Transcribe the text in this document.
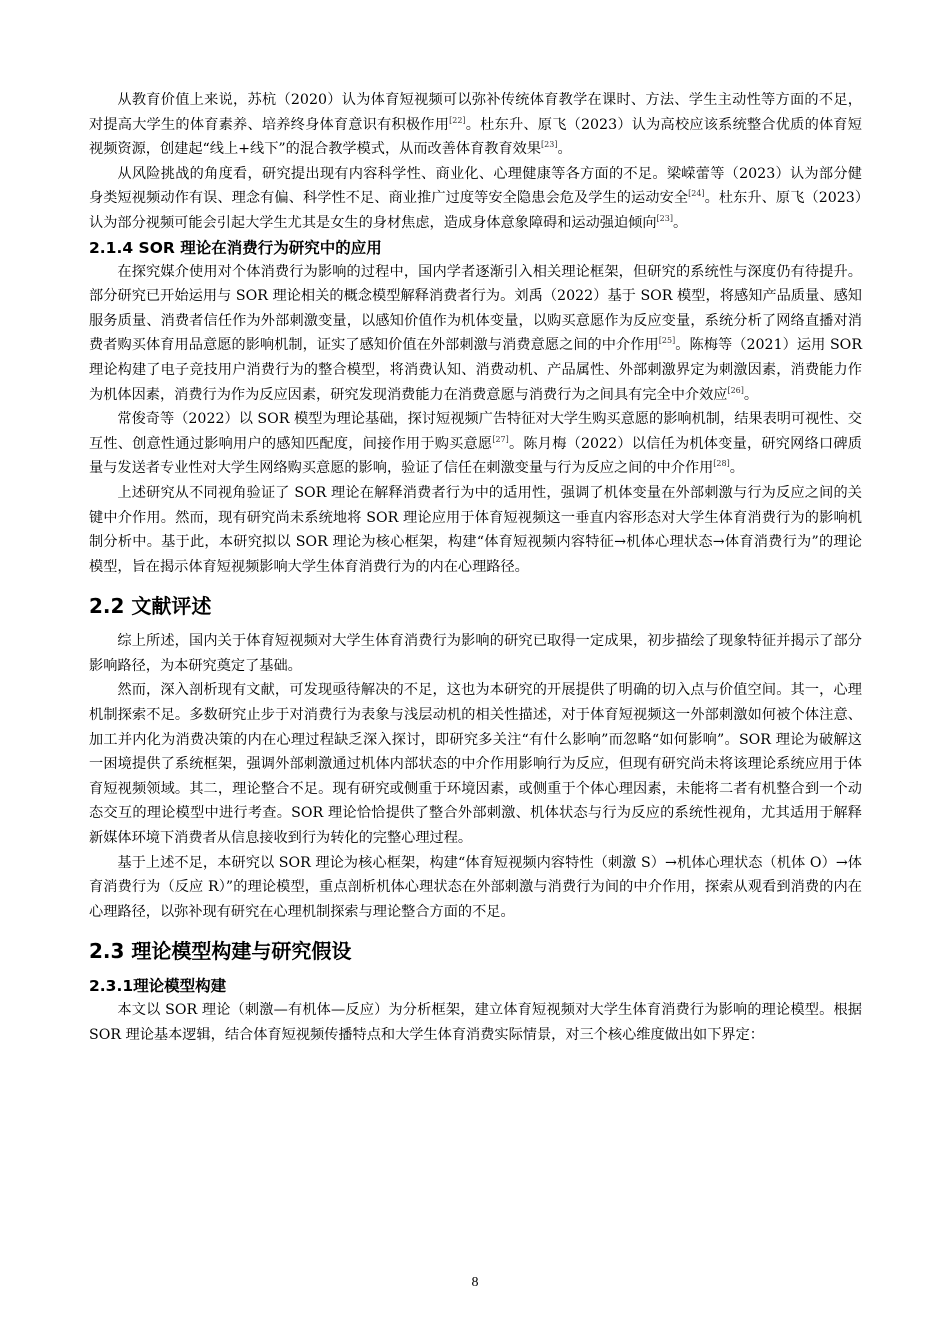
从教育价值上来说，苏杭（2020）认为体育短视频可以弥补传统体育教学在课时、方法、学生主动性等方面的不足，对提高大学生的体育素养、培养终身体育意识有积极作用[22]。杜东升、原飞（2023）认为高校应该系统整合优质的体育短视频资源，创建起“线上+线下”的混合教学模式，从而改善体育教育效果[23]。

从风险挑战的角度看，研究提出现有内容科学性、商业化、心理健康等各方面的不足。梁嵘蕾等（2023）认为部分健身类短视频动作有误、理念有偏、科学性不足、商业推广过度等安全隐患会危及学生的运动安全[24]。杜东升、原飞（2023）认为部分视频可能会引起大学生尤其是女生的身材焦虑，造成身体意象障碍和运动强迫倾向[23]。

2.1.4 SOR 理论在消费行为研究中的应用

在探究媒介使用对个体消费行为影响的过程中，国内学者逐渐引入相关理论框架，但研究的系统性与深度仍有待提升。部分研究已开始运用与 SOR 理论相关的概念模型解释消费者行为。刘禹（2022）基于 SOR 模型，将感知产品质量、感知服务质量、消费者信任作为外部刺激变量，以感知价值作为机体变量，以购买意愿作为反应变量，系统分析了网络直播对消费者购买体育用品意愿的影响机制，证实了感知价值在外部刺激与消费意愿之间的中介作用[25]。陈梅等（2021）运用 SOR 理论构建了电子竞技用户消费行为的整合模型，将消费认知、消费动机、产品属性、外部刺激界定为刺激因素，消费能力作为机体因素，消费行为作为反应因素，研究发现消费能力在消费意愿与消费行为之间具有完全中介效应[26]。

常俊奇等（2022）以 SOR 模型为理论基础，探讨短视频广告特征对大学生购买意愿的影响机制，结果表明可视性、交互性、创意性通过影响用户的感知匹配度，间接作用于购买意愿[27]。陈月梅（2022）以信任为机体变量，研究网络口碑质量与发送者专业性对大学生网络购买意愿的影响，验证了信任在刺激变量与行为反应之间的中介作用[28]。

上述研究从不同视角验证了 SOR 理论在解释消费者行为中的适用性，强调了机体变量在外部刺激与行为反应之间的关键中介作用。然而，现有研究尚未系统地将 SOR 理论应用于体育短视频这一垂直内容形态对大学生体育消费行为的影响机制分析中。基于此，本研究拟以 SOR 理论为核心框架，构建“体育短视频内容特征→机体心理状态→体育消费行为”的理论模型，旨在揭示体育短视频影响大学生体育消费行为的内在心理路径。

2.2 文献评述

综上所述，国内关于体育短视频对大学生体育消费行为影响的研究已取得一定成果，初步描绘了现象特征并揭示了部分影响路径，为本研究奠定了基础。

然而，深入剖析现有文献，可发现亟待解决的不足，这也为本研究的开展提供了明确的切入点与价值空间。其一，心理机制探索不足。多数研究止步于对消费行为表象与浅层动机的相关性描述，对于体育短视频这一外部刺激如何被个体注意、加工并内化为消费决策的内在心理过程缺乏深入探讨，即研究多关注“有什么影响”而忽略“如何影响”。SOR 理论为破解这一困境提供了系统框架，强调外部刺激通过机体内部状态的中介作用影响行为反应，但现有研究尚未将该理论系统应用于体育短视频领域。其二，理论整合不足。现有研究或侧重于环境因素，或侧重于个体心理因素，未能将二者有机整合到一个动态交互的理论模型中进行考查。SOR 理论恰恰提供了整合外部刺激、机体状态与行为反应的系统性视角，尤其适用于解释新媒体环境下消费者从信息接收到行为转化的完整心理过程。

基于上述不足，本研究以 SOR 理论为核心框架，构建“体育短视频内容特性（刺激 S）→机体心理状态（机体 O）→体育消费行为（反应 R）”的理论模型，重点剖析机体心理状态在外部刺激与消费行为间的中介作用，探索从观看到消费的内在心理路径，以弥补现有研究在心理机制探索与理论整合方面的不足。

2.3 理论模型构建与研究假设
2.3.1理论模型构建

本文以 SOR 理论（刺激—有机体—反应）为分析框架，建立体育短视频对大学生体育消费行为影响的理论模型。根据 SOR 理论基本逻辑，结合体育短视频传播特点和大学生体育消费实际情景，对三个核心维度做出如下界定：

8
